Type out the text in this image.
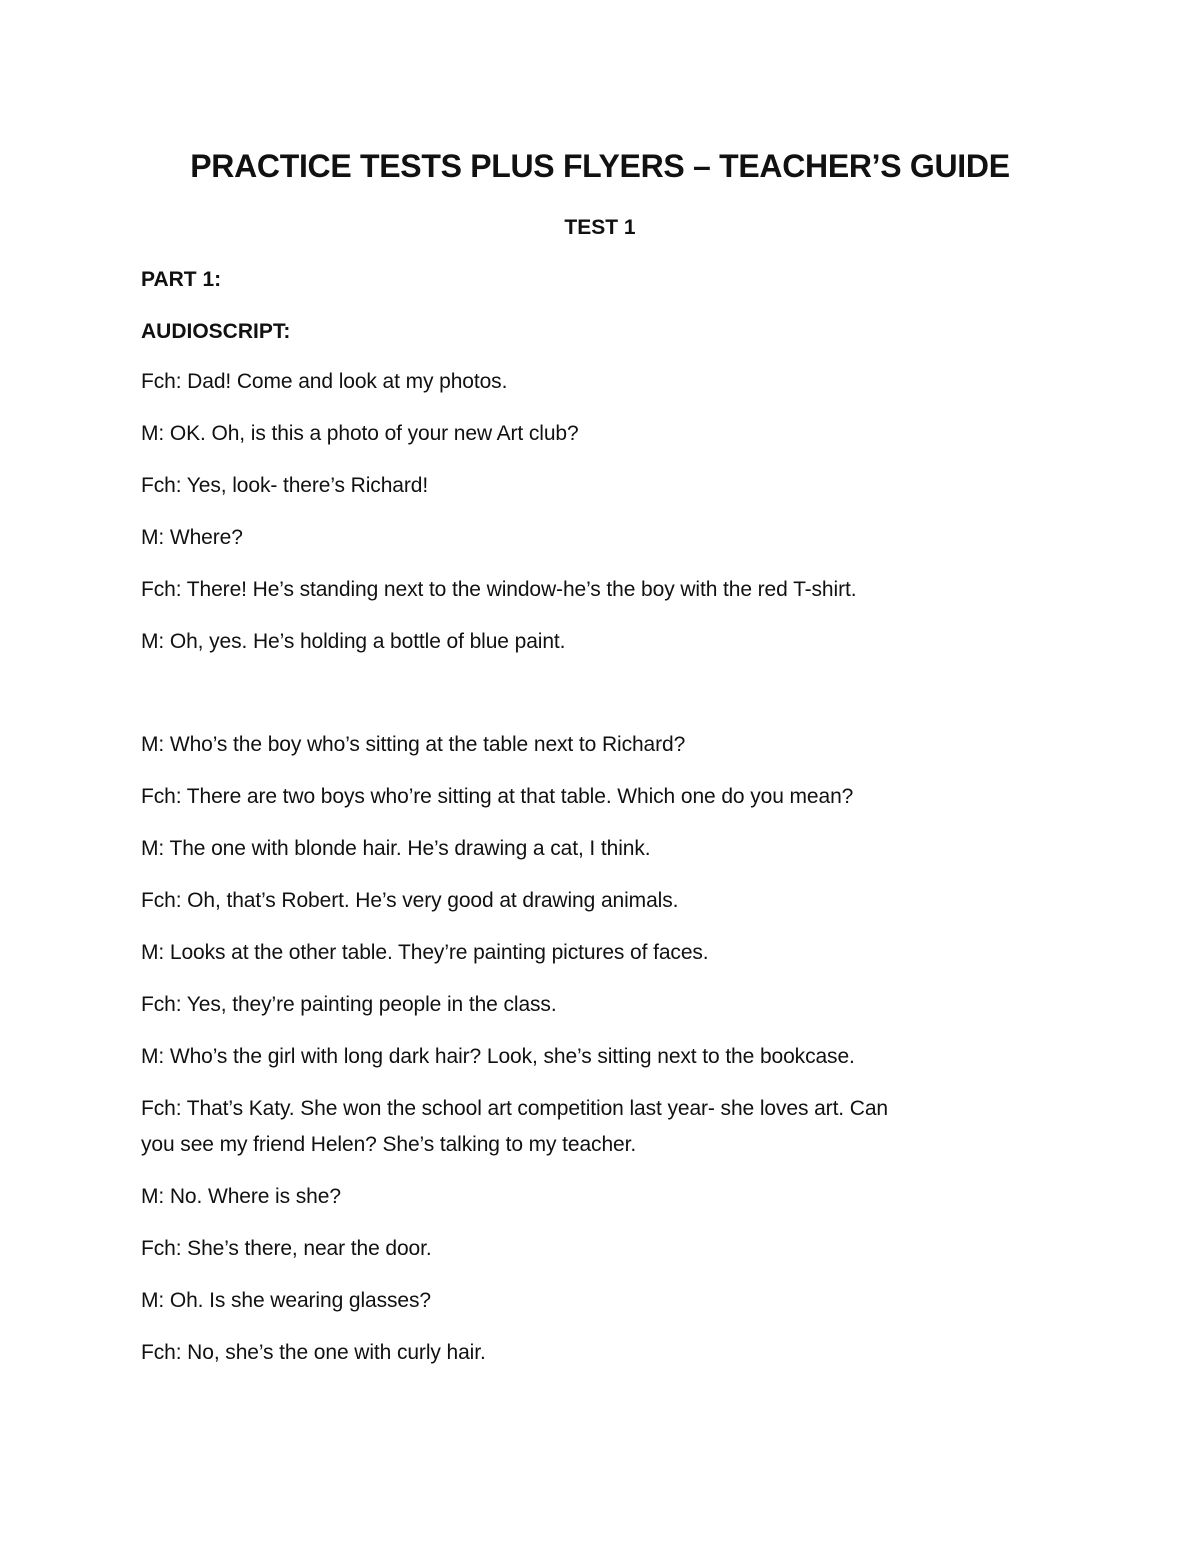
PRACTICE TESTS PLUS FLYERS – TEACHER’S GUIDE
TEST 1
PART 1:
AUDIOSCRIPT:
Fch: Dad! Come and look at my photos.
M: OK. Oh, is this a photo of your new Art club?
Fch: Yes, look- there’s Richard!
M: Where?
Fch: There! He’s standing next to the window-he’s the boy with the red T-shirt.
M: Oh, yes. He’s holding a bottle of blue paint.
M: Who’s the boy who’s sitting at the table next to Richard?
Fch: There are two boys who’re sitting at that table. Which one do you mean?
M: The one with blonde hair. He’s drawing a cat, I think.
Fch: Oh, that’s Robert. He’s very good at drawing animals.
M: Looks at the other table. They’re painting pictures of faces.
Fch: Yes, they’re painting people in the class.
M: Who’s the girl with long dark hair? Look, she’s sitting next to the bookcase.
Fch: That’s Katy. She won the school art competition last year- she loves art. Can
you see my friend Helen? She’s talking to my teacher.
M: No. Where is she?
Fch: She’s there, near the door.
M: Oh. Is she wearing glasses?
Fch: No, she’s the one with curly hair.
